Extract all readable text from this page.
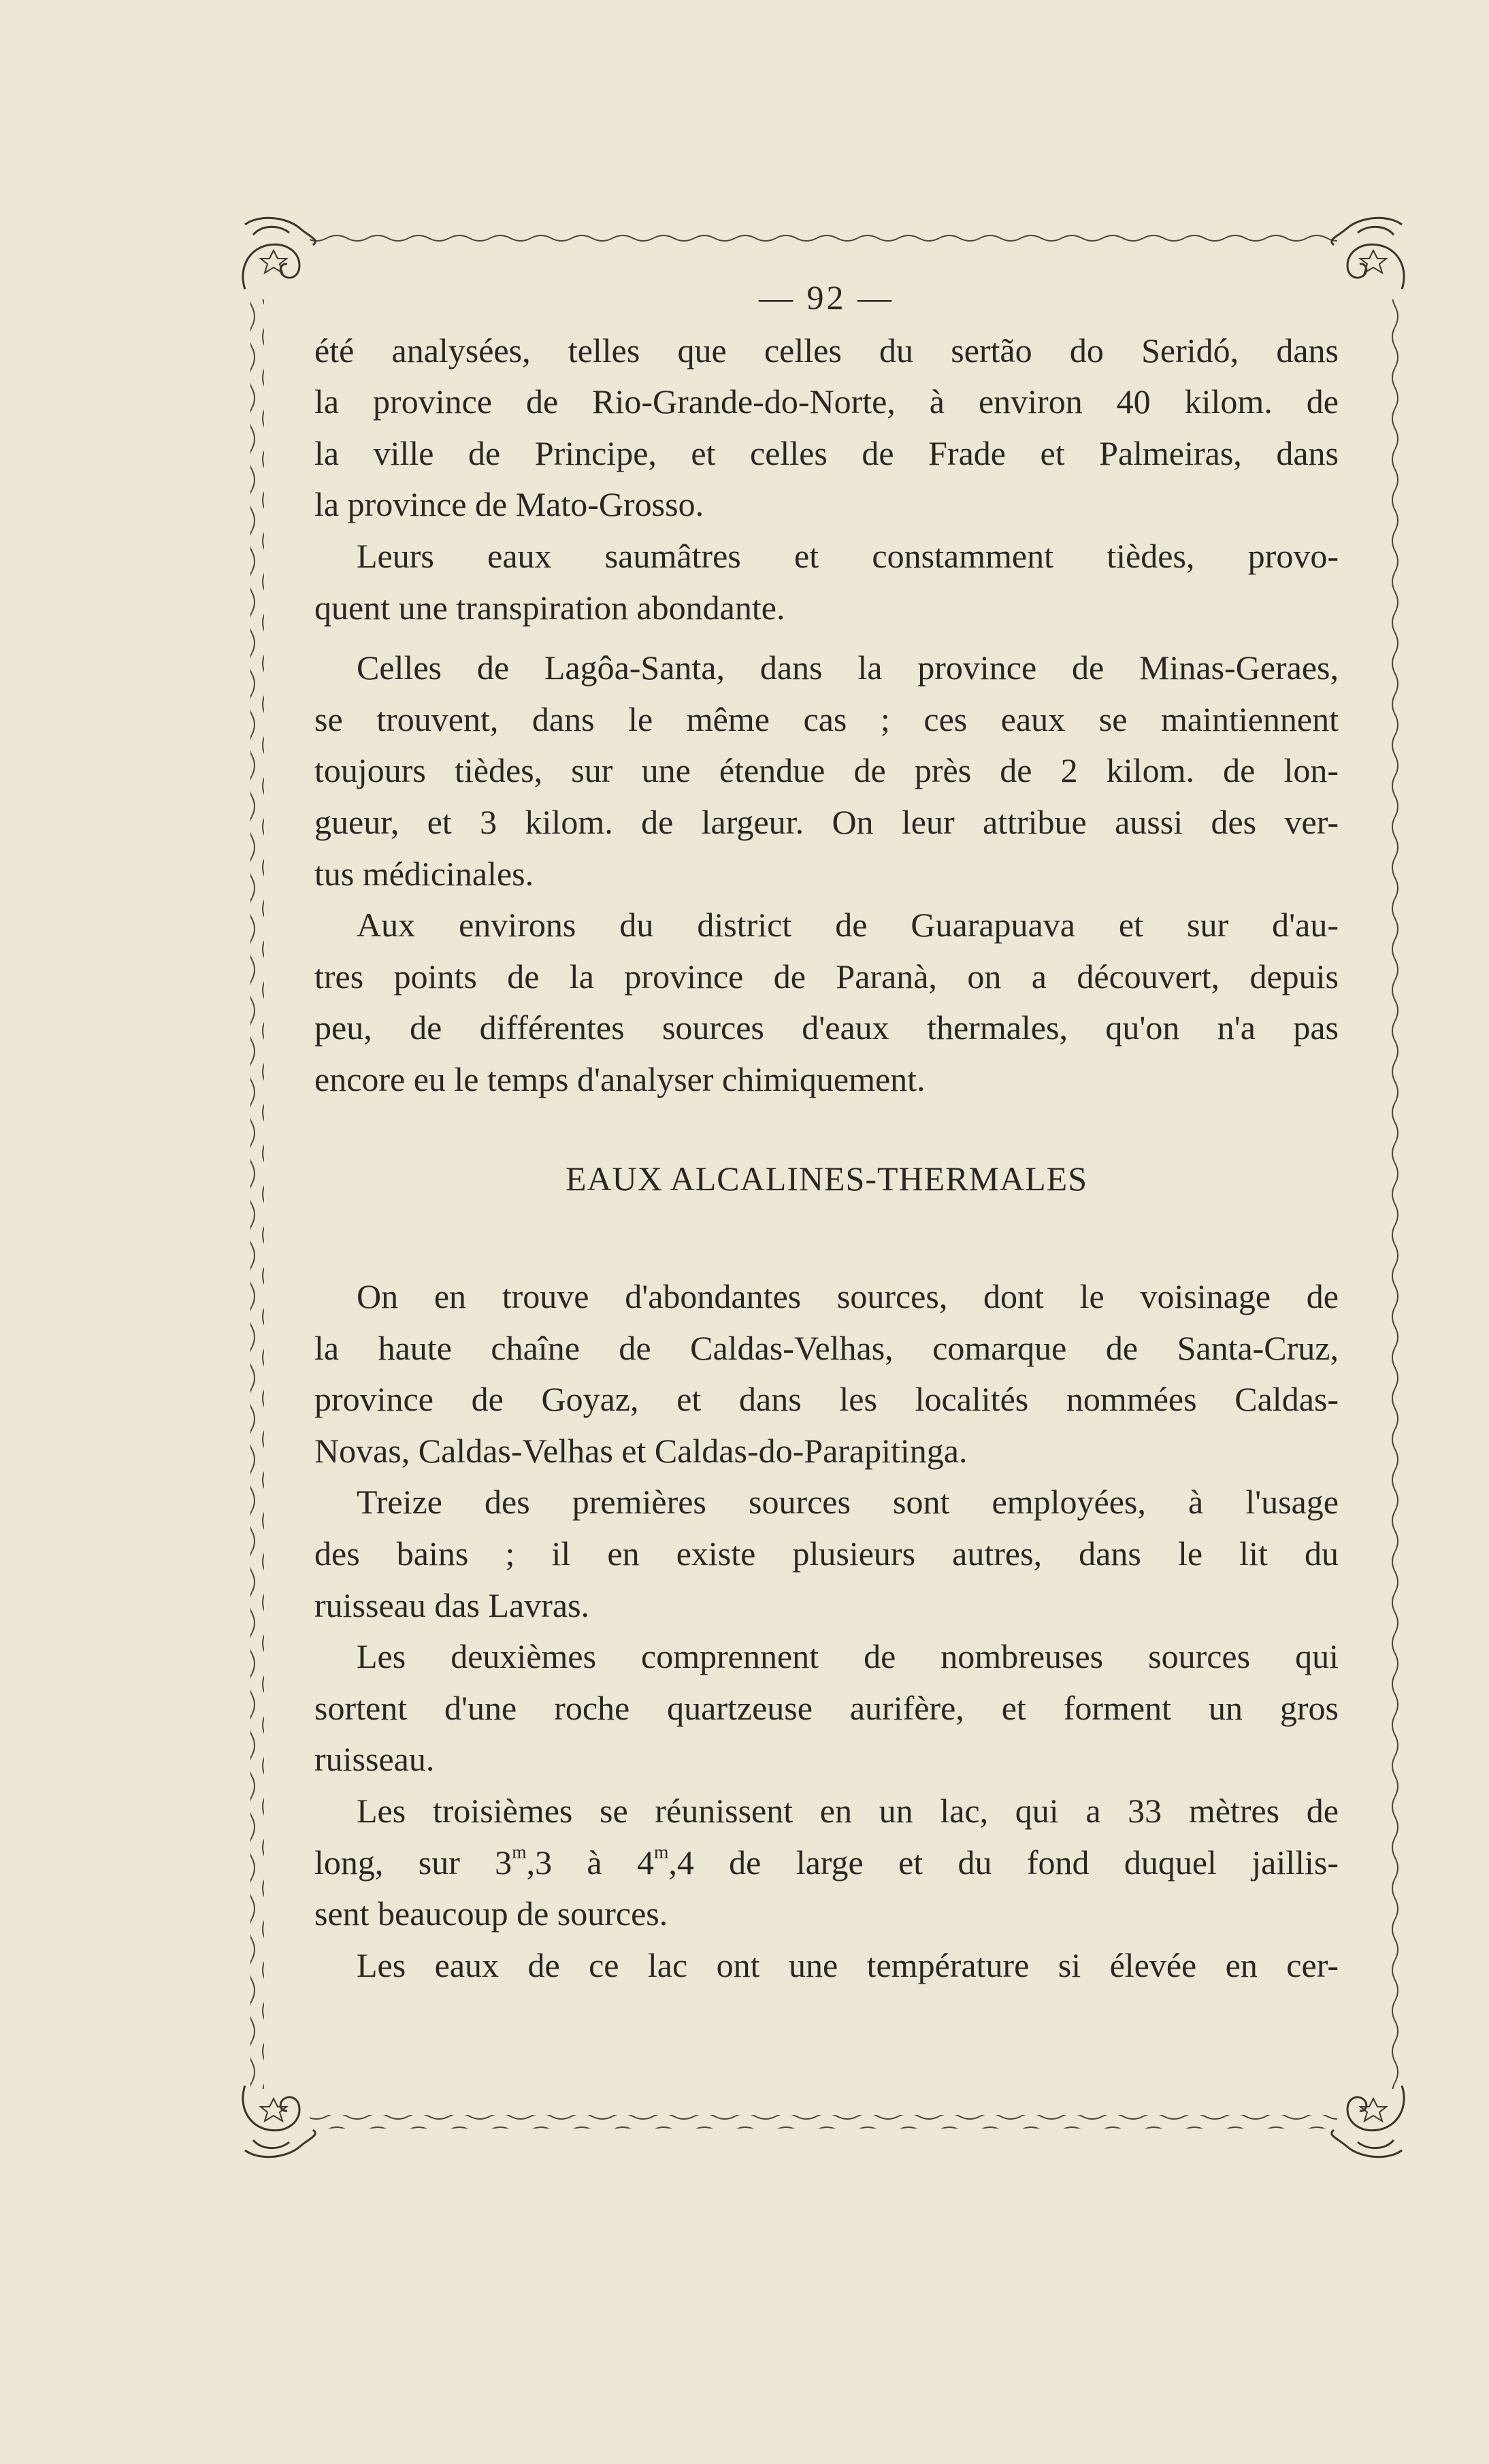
— 92 —
été analysées, telles que celles du sertão do Seridó, dans
la province de Rio-Grande-do-Norte, à environ 40 kilom. de
la ville de Principe, et celles de Frade et Palmeiras, dans
la province de Mato-Grosso.
Leurs eaux saumâtres et constamment tièdes, provo-
quent une transpiration abondante.
Celles de Lagôa-Santa, dans la province de Minas-Geraes,
se trouvent, dans le même cas ; ces eaux se maintiennent
toujours tièdes, sur une étendue de près de 2 kilom. de lon-
gueur, et 3 kilom. de largeur. On leur attribue aussi des ver-
tus médicinales.
Aux environs du district de Guarapuava et sur d'au-
tres points de la province de Paranà, on a découvert, depuis
peu, de différentes sources d'eaux thermales, qu'on n'a pas
encore eu le temps d'analyser chimiquement.
EAUX ALCALINES-THERMALES
On en trouve d'abondantes sources, dont le voisinage de
la haute chaîne de Caldas-Velhas, comarque de Santa-Cruz,
province de Goyaz, et dans les localités nommées Caldas-
Novas, Caldas-Velhas et Caldas-do-Parapitinga.
Treize des premières sources sont employées, à l'usage
des bains ; il en existe plusieurs autres, dans le lit du
ruisseau das Lavras.
Les deuxièmes comprennent de nombreuses sources qui
sortent d'une roche quartzeuse aurifère, et forment un gros
ruisseau.
Les troisièmes se réunissent en un lac, qui a 33 mètres de
long, sur 3$^m$,3 à 4$^m$,4 de large et du fond duquel jaillis-
sent beaucoup de sources.
Les eaux de ce lac ont une température si élevée en cer-
